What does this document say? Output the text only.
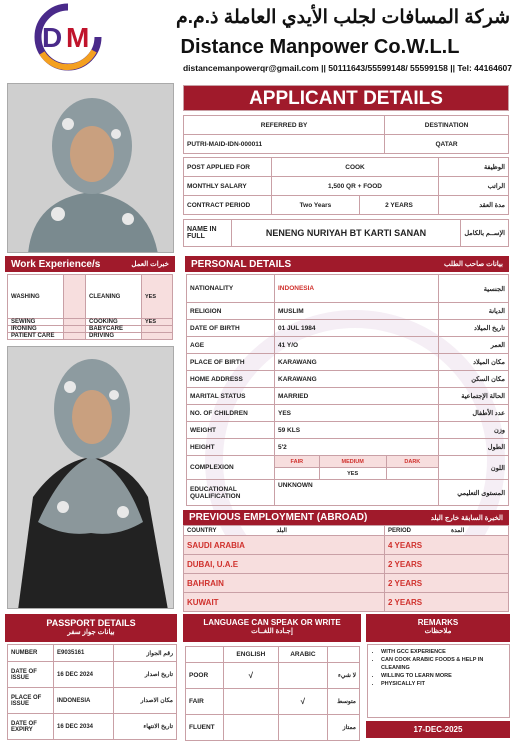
D M
شركة المسافات لجلب الأيدي العاملة ذ.م.م
Distance Manpower Co.W.L.L
distancemanpowerqr@gmail.com || 50111643/55599148/ 55599158 || Tel: 44164607
APPLICANT DETAILS
REFERRED BY	DESTINATION
PUTRI-MAID-IDN-000011	QATAR
POST APPLIED FOR	COOK		الوظيفة
MONTHLY SALARY	1,500 QR + FOOD		الراتب
CONTRACT PERIOD	Two Years	2 YEARS	مدة العقد
NAME IN FULL	NENENG NURIYAH BT KARTI SANAN	الإســم بالكامل
Work Experience/s	خبرات العمل
WASHING		CLEANING	YES
SEWING		COOKING	YES
IRONING		BABYCARE	
PATIENT CARE		DRIVING	
PERSONAL DETAILS	بيانات صاحب الطلب
NATIONALITY	INDONESIA			الجنسية
RELIGION	MUSLIM			الديانة
DATE OF BIRTH	01 JUL 1984			تاريخ الميلاد
AGE	41 Y/O			العمر
PLACE OF BIRTH	KARAWANG			مكان الميلاد
HOME ADDRESS	KARAWANG			مكان السكن
MARITAL STATUS	MARRIED			الحالة الإجتماعية
NO. OF CHILDREN	YES			عدد الأطفال
WEIGHT	59 KLS			وزن
HEIGHT	5'2			الطول
COMPLEXION	FAIR	MEDIUM	DARK	اللون
		YES		
EDUCATIONAL QUALIFICATION	UNKNOWN			المستوى التعليمي
PREVIOUS EMPLOYMENT (ABROAD)	الخبرة السابقة خارج البلد
COUNTRY البلد	PERIOD المدة
SAUDI ARABIA	4 YEARS
DUBAI, U.A.E	2 YEARS
BAHRAIN	2 YEARS
KUWAIT	2 YEARS
PASSPORT DETAILS
بيانات جواز سفر
NUMBER	E9035161	رقم الجواز
DATE OF ISSUE	16 DEC 2024	تاريخ اصدار
PLACE OF ISSUE	INDONESIA	مكان الاصدار
DATE OF EXPIRY	16 DEC 2034	تاريخ الانتهاء
LANGUAGE CAN SPEAK OR WRITE
إجـادة اللغــات
	ENGLISH	ARABIC	
POOR	√		لا شيء
FAIR		√	متوسط
FLUENT			ممتاز
REMARKS
ملاحظات
• WITH GCC EXPERIENCE
• CAN COOK ARABIC FOODS & HELP IN CLEANING
• WILLING TO LEARN MORE
• PHYSICALLY FIT
17-DEC-2025
